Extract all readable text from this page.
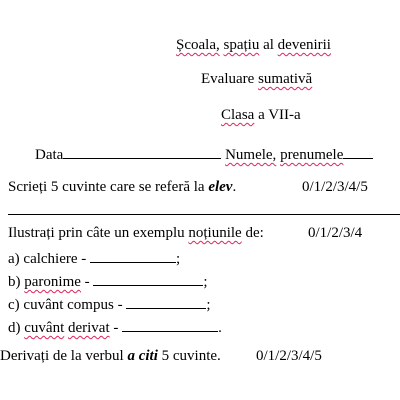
Școala, spațiu al devenirii
Evaluare sumativă
Clasa a VII-a
Data	Numele, prenumele
Scrieți 5 cuvinte care se referă la elev.	0/1/2/3/4/5
Ilustrați prin câte un exemplu noțiunile de:	0/1/2/3/4
a) calchiere -	;
b) paronime -	;
c) cuvânt compus -	;
d) cuvânt derivat -	.
Derivați de la verbul a citi 5 cuvinte. 0/1/2/3/4/5
